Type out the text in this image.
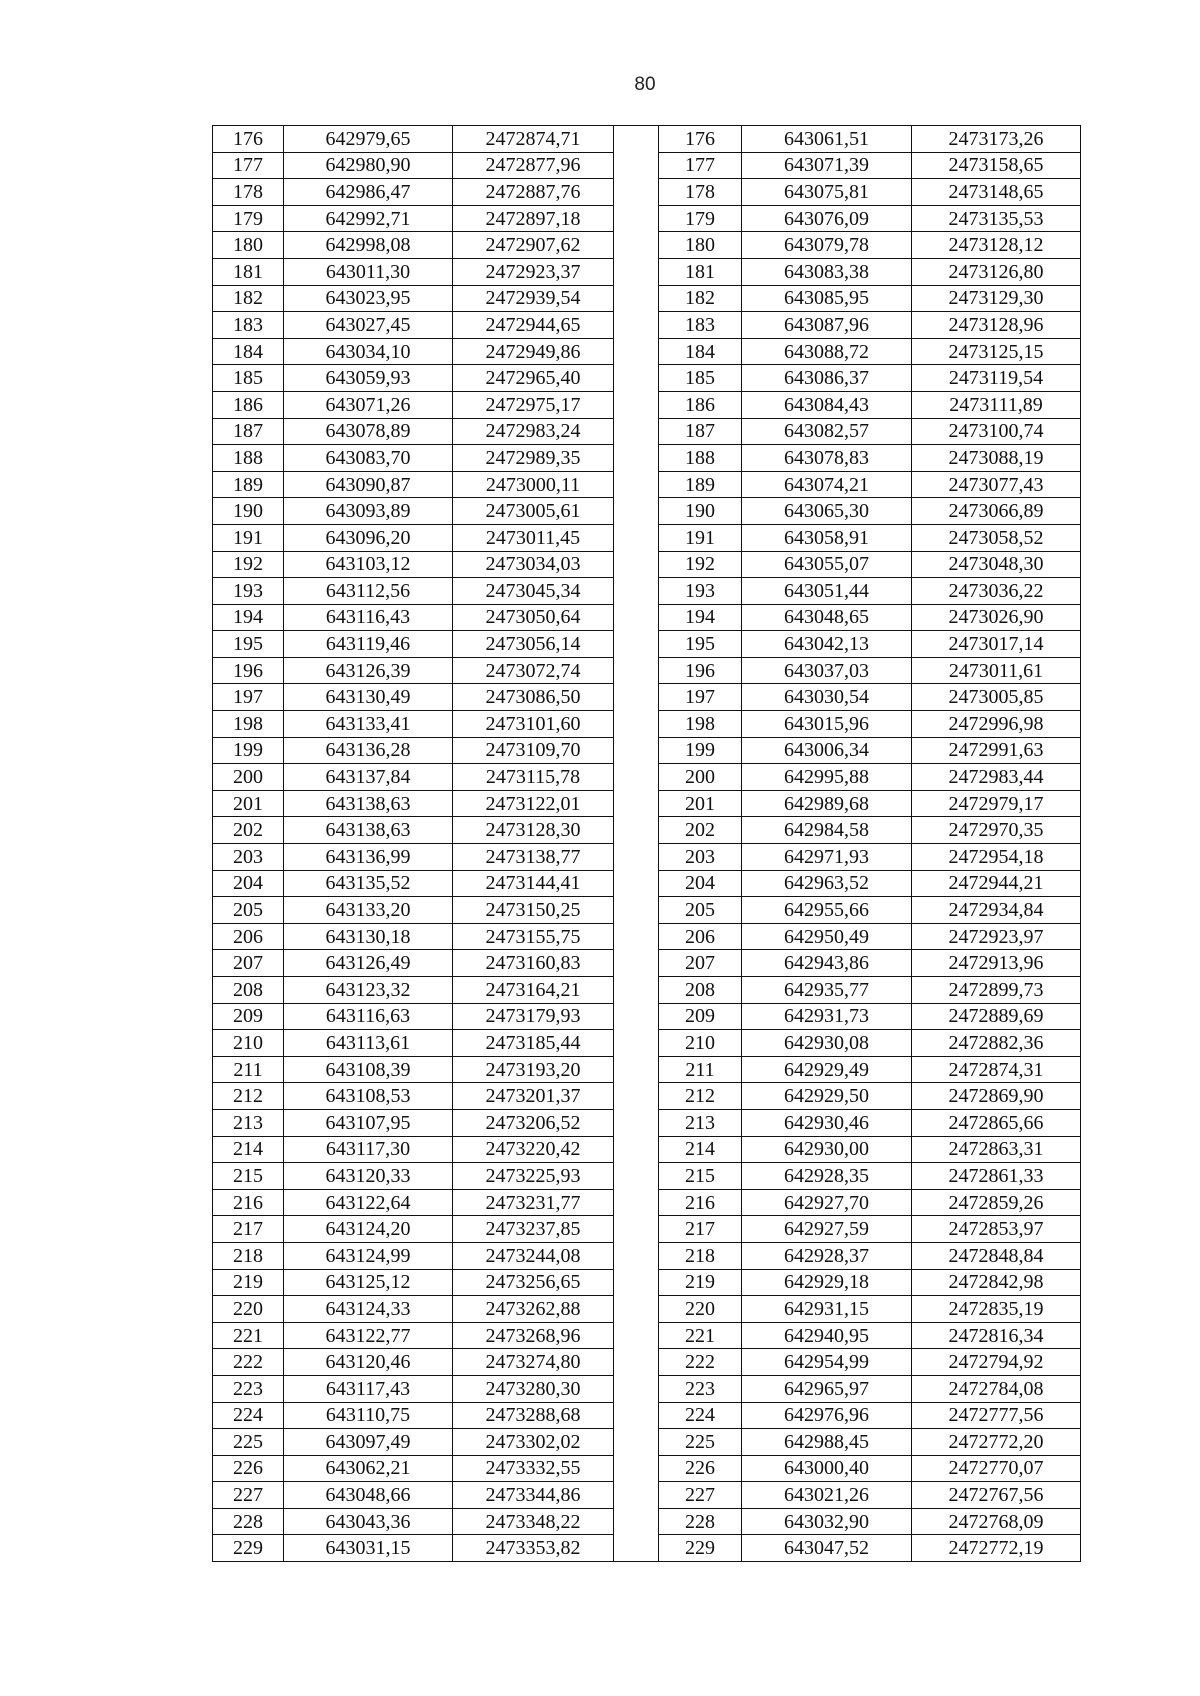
80
176	642979,65	2472874,71		176	643061,51	2473173,26
177	642980,90	2472877,96		177	643071,39	2473158,65
178	642986,47	2472887,76		178	643075,81	2473148,65
179	642992,71	2472897,18		179	643076,09	2473135,53
180	642998,08	2472907,62		180	643079,78	2473128,12
181	643011,30	2472923,37		181	643083,38	2473126,80
182	643023,95	2472939,54		182	643085,95	2473129,30
183	643027,45	2472944,65		183	643087,96	2473128,96
184	643034,10	2472949,86		184	643088,72	2473125,15
185	643059,93	2472965,40		185	643086,37	2473119,54
186	643071,26	2472975,17		186	643084,43	2473111,89
187	643078,89	2472983,24		187	643082,57	2473100,74
188	643083,70	2472989,35		188	643078,83	2473088,19
189	643090,87	2473000,11		189	643074,21	2473077,43
190	643093,89	2473005,61		190	643065,30	2473066,89
191	643096,20	2473011,45		191	643058,91	2473058,52
192	643103,12	2473034,03		192	643055,07	2473048,30
193	643112,56	2473045,34		193	643051,44	2473036,22
194	643116,43	2473050,64		194	643048,65	2473026,90
195	643119,46	2473056,14		195	643042,13	2473017,14
196	643126,39	2473072,74		196	643037,03	2473011,61
197	643130,49	2473086,50		197	643030,54	2473005,85
198	643133,41	2473101,60		198	643015,96	2472996,98
199	643136,28	2473109,70		199	643006,34	2472991,63
200	643137,84	2473115,78		200	642995,88	2472983,44
201	643138,63	2473122,01		201	642989,68	2472979,17
202	643138,63	2473128,30		202	642984,58	2472970,35
203	643136,99	2473138,77		203	642971,93	2472954,18
204	643135,52	2473144,41		204	642963,52	2472944,21
205	643133,20	2473150,25		205	642955,66	2472934,84
206	643130,18	2473155,75		206	642950,49	2472923,97
207	643126,49	2473160,83		207	642943,86	2472913,96
208	643123,32	2473164,21		208	642935,77	2472899,73
209	643116,63	2473179,93		209	642931,73	2472889,69
210	643113,61	2473185,44		210	642930,08	2472882,36
211	643108,39	2473193,20		211	642929,49	2472874,31
212	643108,53	2473201,37		212	642929,50	2472869,90
213	643107,95	2473206,52		213	642930,46	2472865,66
214	643117,30	2473220,42		214	642930,00	2472863,31
215	643120,33	2473225,93		215	642928,35	2472861,33
216	643122,64	2473231,77		216	642927,70	2472859,26
217	643124,20	2473237,85		217	642927,59	2472853,97
218	643124,99	2473244,08		218	642928,37	2472848,84
219	643125,12	2473256,65		219	642929,18	2472842,98
220	643124,33	2473262,88		220	642931,15	2472835,19
221	643122,77	2473268,96		221	642940,95	2472816,34
222	643120,46	2473274,80		222	642954,99	2472794,92
223	643117,43	2473280,30		223	642965,97	2472784,08
224	643110,75	2473288,68		224	642976,96	2472777,56
225	643097,49	2473302,02		225	642988,45	2472772,20
226	643062,21	2473332,55		226	643000,40	2472770,07
227	643048,66	2473344,86		227	643021,26	2472767,56
228	643043,36	2473348,22		228	643032,90	2472768,09
229	643031,15	2473353,82		229	643047,52	2472772,19
